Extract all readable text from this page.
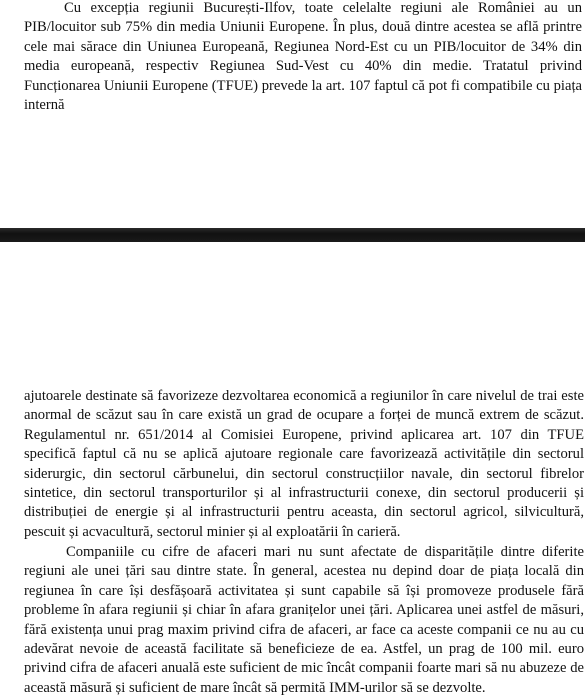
Cu excepția regiunii București-Ilfov, toate celelalte regiuni ale României au un PIB/locuitor sub 75% din media Uniunii Europene. În plus, două dintre acestea se află printre cele mai sărace din Uniunea Europeană, Regiunea Nord-Est cu un PIB/locuitor de 34% din media europeană, respectiv Regiunea Sud-Vest cu 40% din medie. Tratatul privind Funcționarea Uniunii Europene (TFUE) prevede la art. 107 faptul că pot fi compatibile cu piața internă

ajutoarele destinate să favorizeze dezvoltarea economică a regiunilor în care nivelul de trai este anormal de scăzut sau în care există un grad de ocupare a forței de muncă extrem de scăzut. Regulamentul nr. 651/2014 al Comisiei Europene, privind aplicarea art. 107 din TFUE specifică faptul că nu se aplică ajutoare regionale care favorizează activitățile din sectorul siderurgic, din sectorul cărbunelui, din sectorul construcțiilor navale, din sectorul fibrelor sintetice, din sectorul transporturilor și al infrastructurii conexe, din sectorul producerii și distribuției de energie și al infrastructurii pentru aceasta, din sectorul agricol, silvicultură, pescuit și acvacultură, sectorul minier și al exploatării în carieră.

Companiile cu cifre de afaceri mari nu sunt afectate de disparitățile dintre diferite regiuni ale unei țări sau dintre state. În general, acestea nu depind doar de piața locală din regiunea în care își desfășoară activitatea și sunt capabile să își promoveze produsele fără probleme în afara regiunii și chiar în afara granițelor unei țări. Aplicarea unei astfel de măsuri, fără existența unui prag maxim privind cifra de afaceri, ar face ca aceste companii ce nu au cu adevărat nevoie de această facilitate să beneficieze de ea. Astfel, un prag de 100 mil. euro privind cifra de afaceri anuală este suficient de mic încât companii foarte mari să nu abuzeze de această măsură și suficient de mare încât să permită IMM-urilor să se dezvolte.
